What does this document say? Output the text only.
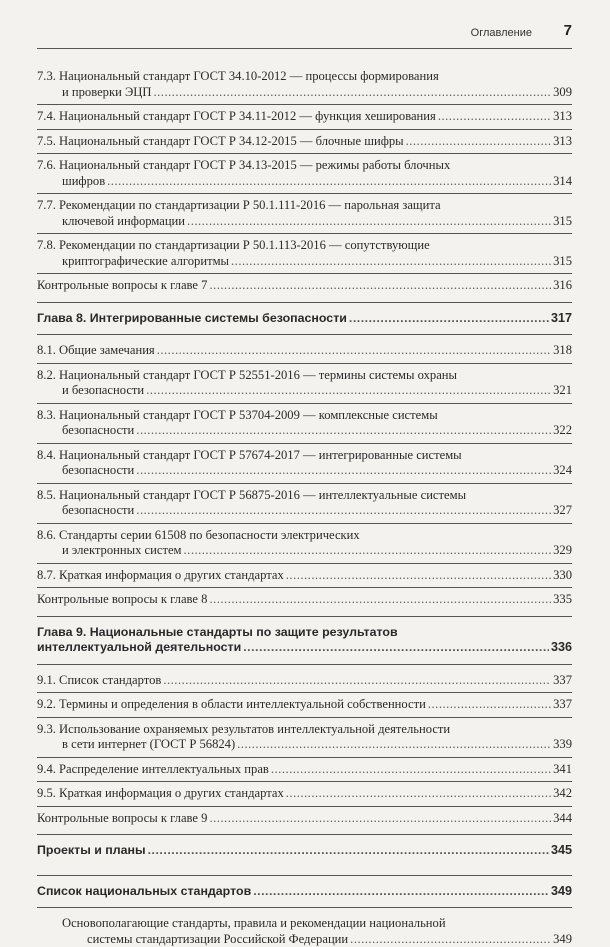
Оглавление 7
7.3. Национальный стандарт ГОСТ 34.10-2012 — процессы формирования
и проверки ЭЦП .....	309
7.4. Национальный стандарт ГОСТ Р 34.11-2012 — функция хеширования .....	313
7.5. Национальный стандарт ГОСТ Р 34.12-2015 — блочные шифры .....	313
7.6. Национальный стандарт ГОСТ Р 34.13-2015 — режимы работы блочных
шифров .....	314
7.7. Рекомендации по стандартизации Р 50.1.111-2016 — парольная защита
ключевой информации .....	315
7.8. Рекомендации по стандартизации Р 50.1.113-2016 — сопутствующие
криптографические алгоритмы .....	315
Контрольные вопросы к главе 7 .....	316
Глава 8. Интегрированные системы безопасности .....	317
8.1. Общие замечания .....	318
8.2. Национальный стандарт ГОСТ Р 52551-2016 — термины системы охраны
и безопасности .....	321
8.3. Национальный стандарт ГОСТ Р 53704-2009 — комплексные системы
безопасности .....	322
8.4. Национальный стандарт ГОСТ Р 57674-2017 — интегрированные системы
безопасности .....	324
8.5. Национальный стандарт ГОСТ Р 56875-2016 — интеллектуальные системы
безопасности .....	327
8.6. Стандарты серии 61508 по безопасности электрических
и электронных систем .....	329
8.7. Краткая информация о других стандартах .....	330
Контрольные вопросы к главе 8 .....	335
Глава 9. Национальные стандарты по защите результатов
интеллектуальной деятельности .....	336
9.1. Список стандартов .....	337
9.2. Термины и определения в области интеллектуальной собственности .....	337
9.3. Использование охраняемых результатов интеллектуальной деятельности
в сети интернет (ГОСТ Р 56824) .....	339
9.4. Распределение интеллектуальных прав .....	341
9.5. Краткая информация о других стандартах .....	342
Контрольные вопросы к главе 9 .....	344
Проекты и планы .....	345
Список национальных стандартов .....	349
Основополагающие стандарты, правила и рекомендации национальной
системы стандартизации Российской Федерации .....	349
